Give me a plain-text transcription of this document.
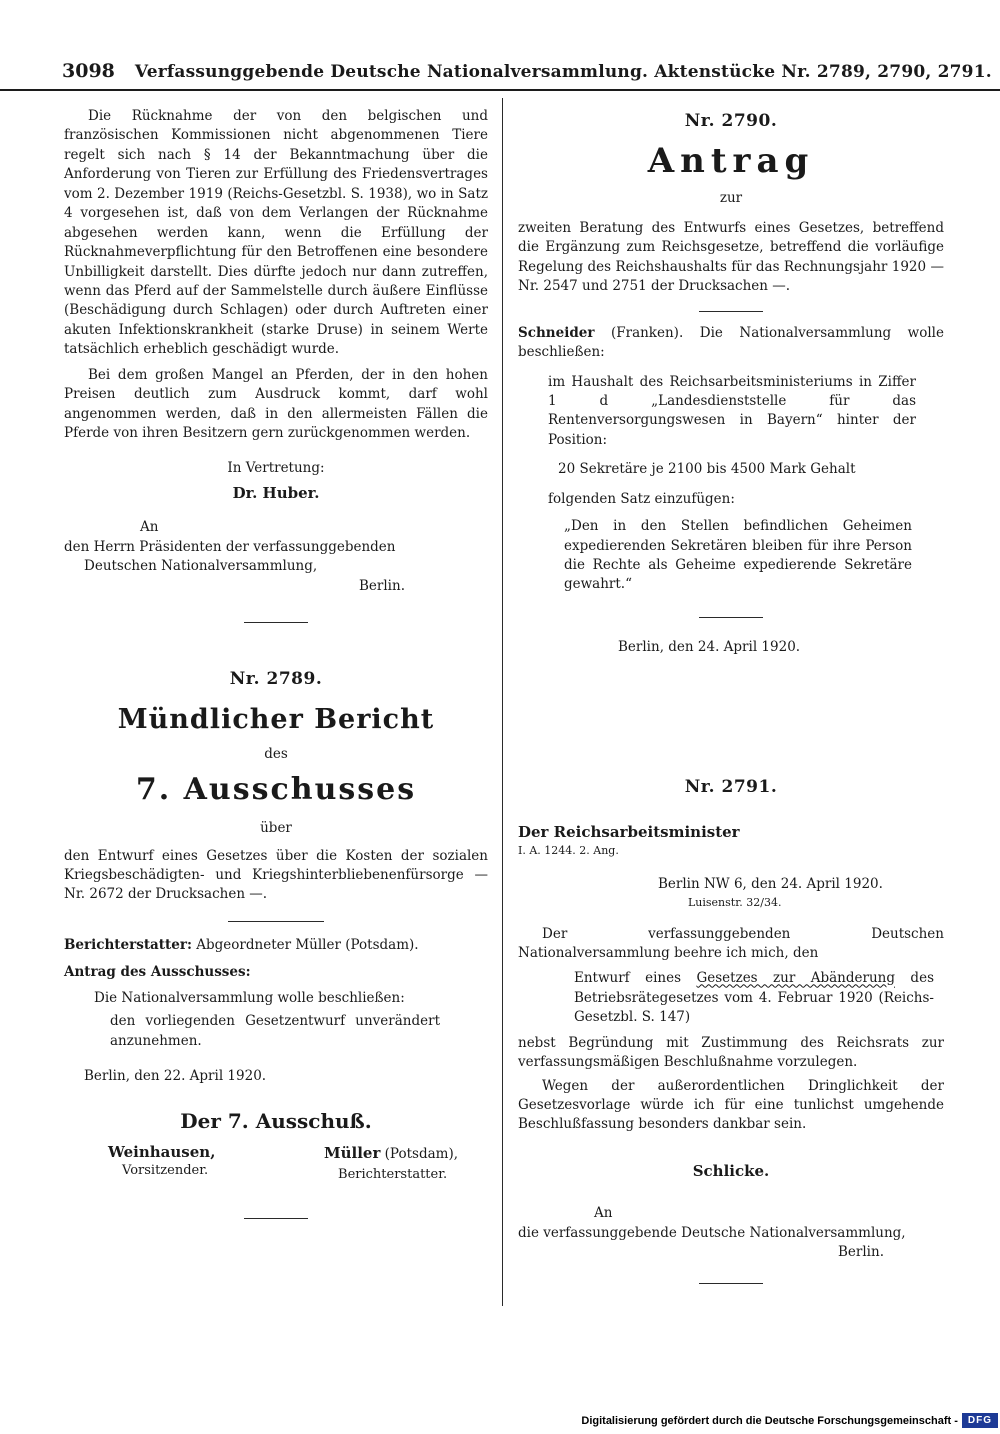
3098 Verfassunggebende Deutsche Nationalversammlung. Aktenstücke Nr. 2789, 2790, 2791.

Die Rücknahme der von den belgischen und französischen Kommissionen nicht abgenommenen Tiere regelt sich nach § 14 der Bekanntmachung über die Anforderung von Tieren zur Erfüllung des Friedensvertrages vom 2. Dezember 1919 (Reichs-Gesetzbl. S. 1938), wo in Satz 4 vorgesehen ist, daß von dem Verlangen der Rücknahme abgesehen werden kann, wenn die Erfüllung der Rücknahmeverpflichtung für den Betroffenen eine besondere Unbilligkeit darstellt. Dies dürfte jedoch nur dann zutreffen, wenn das Pferd auf der Sammelstelle durch äußere Einflüsse (Beschädigung durch Schlagen) oder durch Auftreten einer akuten Infektionskrankheit (starke Druse) in seinem Werte tatsächlich erheblich geschädigt wurde.

Bei dem großen Mangel an Pferden, der in den hohen Preisen deutlich zum Ausdruck kommt, darf wohl angenommen werden, daß in den allermeisten Fällen die Pferde von ihren Besitzern gern zurückgenommen werden.

In Vertretung:

Dr. Huber.

An

den Herrn Präsidenten der verfassunggebenden

Deutschen Nationalversammlung,

Berlin.

Nr. 2789.

Mündlicher Bericht

des

7. Ausschusses

über

den Entwurf eines Gesetzes über die Kosten der sozialen Kriegsbeschädigten- und Kriegshinterbliebenenfürsorge — Nr. 2672 der Drucksachen —.

Berichterstatter: Abgeordneter Müller (Potsdam).

Antrag des Ausschusses:

Die Nationalversammlung wolle beschließen:

den vorliegenden Gesetzentwurf unverändert anzunehmen.

Berlin, den 22. April 1920.

Der 7. Ausschuß.

Weinhausen,
Vorsitzender.
Müller (Potsdam),
Berichterstatter.

Nr. 2790.

Antrag

zur

zweiten Beratung des Entwurfs eines Gesetzes, betreffend die Ergänzung zum Reichsgesetze, betreffend die vorläufige Regelung des Reichshaushalts für das Rechnungsjahr 1920 — Nr. 2547 und 2751 der Drucksachen —.

Schneider (Franken). Die Nationalversammlung wolle beschließen:

im Haushalt des Reichsarbeitsministeriums in Ziffer 1 d „Landesdienststelle für das Rentenversorgungswesen in Bayern“ hinter der Position:

20 Sekretäre je 2100 bis 4500 Mark Gehalt

folgenden Satz einzufügen:

„Den in den Stellen befindlichen Geheimen expedierenden Sekretären bleiben für ihre Person die Rechte als Geheime expedierende Sekretäre gewahrt.“

Berlin, den 24. April 1920.

Nr. 2791.

Der Reichsarbeitsminister

I. A. 1244. 2. Ang.

Berlin NW 6, den 24. April 1920.

Luisenstr. 32/34.

Der verfassunggebenden Deutschen Nationalversammlung beehre ich mich, den

Entwurf eines Gesetzes zur Abänderung des Betriebsrätegesetzes vom 4. Februar 1920 (Reichs-Gesetzbl. S. 147)

nebst Begründung mit Zustimmung des Reichsrats zur verfassungsmäßigen Beschlußnahme vorzulegen.

Wegen der außerordentlichen Dringlichkeit der Gesetzesvorlage würde ich für eine tunlichst umgehende Beschlußfassung besonders dankbar sein.

Schlicke.

An

die verfassunggebende Deutsche Nationalversammlung,

Berlin.

Digitalisierung gefördert durch die Deutsche Forschungsgemeinschaft -	DFG
